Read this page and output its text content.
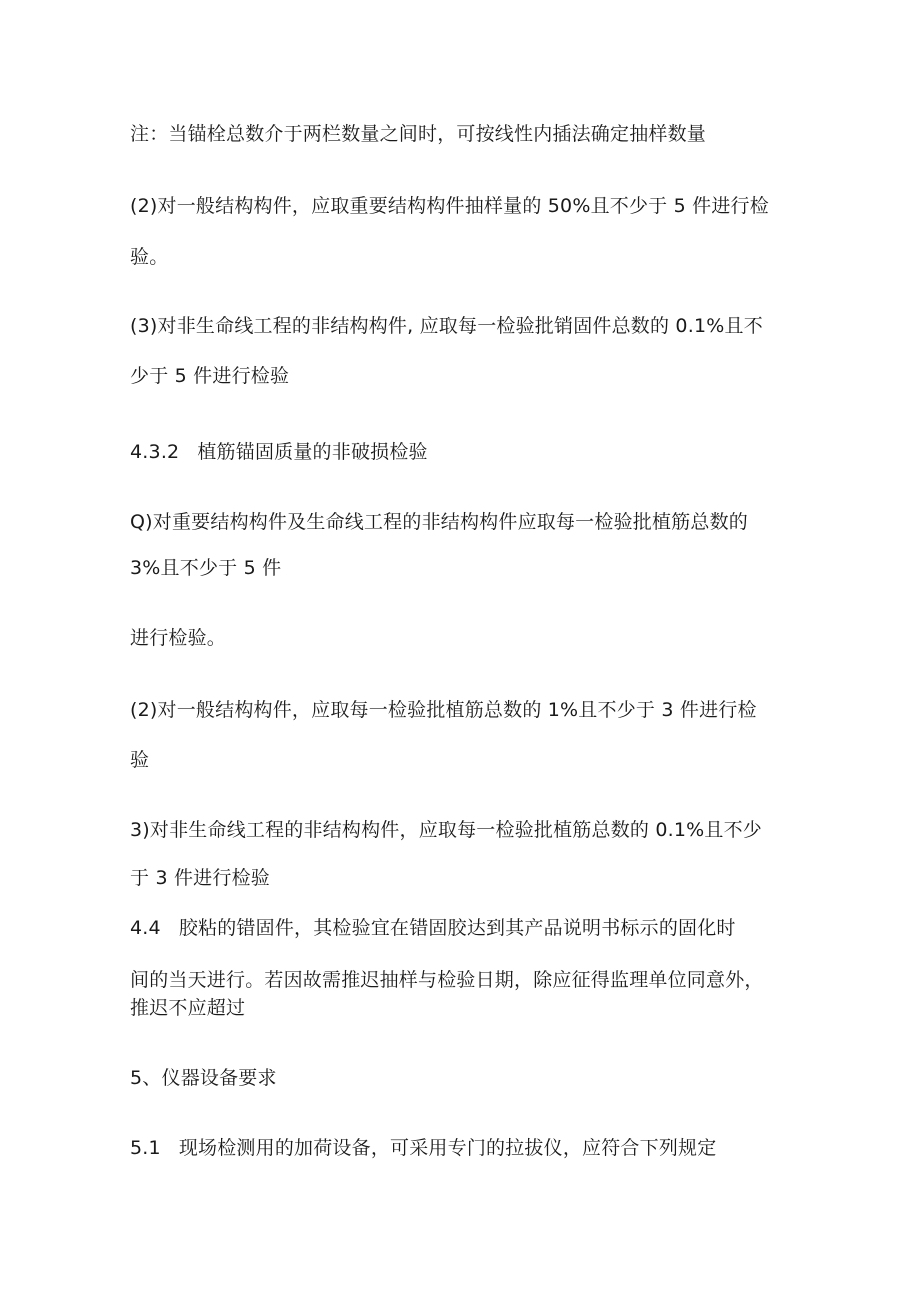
注：当锚栓总数介于两栏数量之间时，可按线性内插法确定抽样数量
(2)对一般结构构件，应取重要结构构件抽样量的 50%且不少于 5 件进行检
验。
(3)对非生命线工程的非结构构件, 应取每一检验批销固件总数的 0.1%且不
少于 5 件进行检验
4.3.2 植筋锚固质量的非破损检验
Q)对重要结构构件及生命线工程的非结构构件应取每一检验批植筋总数的
3%且不少于 5 件
进行检验。
(2)对一般结构构件，应取每一检验批植筋总数的 1%且不少于 3 件进行检
验
3)对非生命线工程的非结构构件，应取每一检验批植筋总数的 0.1%且不少
于 3 件进行检验
4.4 胶粘的错固件，其检验宜在错固胶达到其产品说明书标示的固化时
间的当天进行。若因故需推迟抽样与检验日期，除应征得监理单位同意外，
推迟不应超过
5、仪器设备要求
5.1 现场检测用的加荷设备，可采用专门的拉拔仪，应符合下列规定
